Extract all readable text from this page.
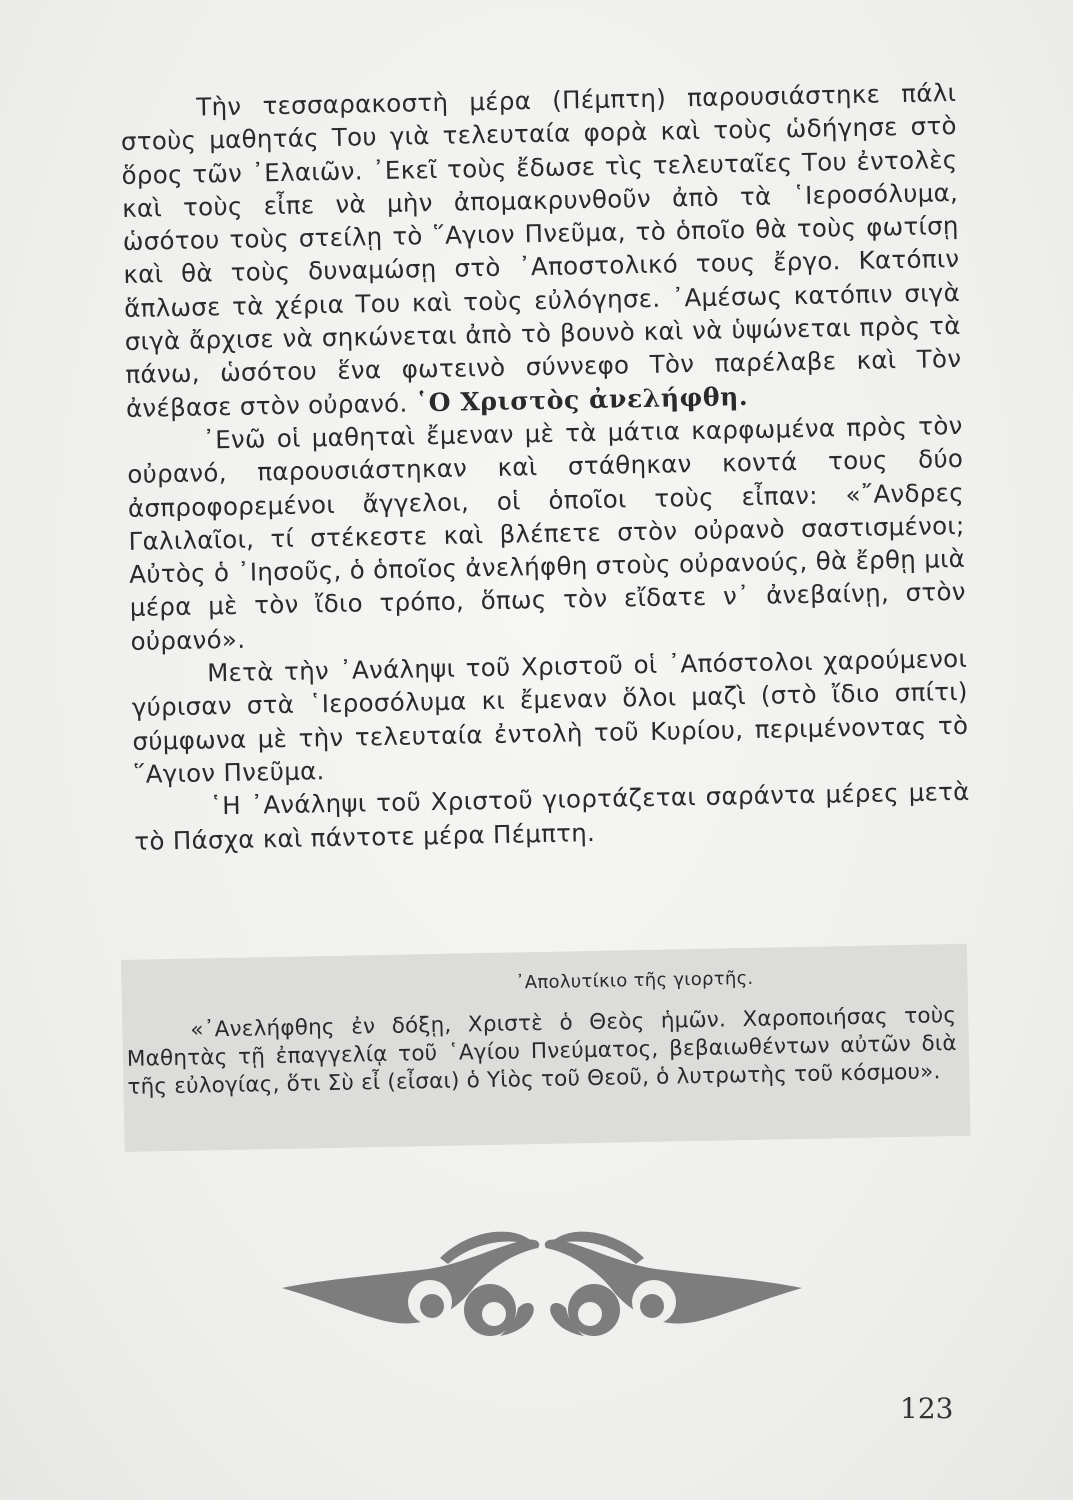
Τὴν τεσσαρακοστὴ μέρα (Πέμπτη) παρουσιάστηκε πάλι στοὺς μαθητάς Του γιὰ τελευταία φορὰ καὶ τοὺς ὡδήγησε στὸ ὅρος τῶν ᾿Ελαιῶν. ᾿Εκεῖ τοὺς ἔδωσε τὶς τελευταῖες Του ἐντολὲς καὶ τοὺς εἶπε νὰ μὴν ἀπομακρυνθοῦν ἀπὸ τὰ ῾Ιεροσόλυμα, ὡσότου τοὺς στείλῃ τὸ ῞Αγιον Πνεῦμα, τὸ ὁποῖο θὰ τοὺς φωτίσῃ καὶ θὰ τοὺς δυναμώσῃ στὸ ᾿Αποστολικό τους ἔργο. Κατόπιν ἅπλωσε τὰ χέρια Του καὶ τοὺς εὐλόγησε. ᾿Αμέσως κατόπιν σιγὰ σιγὰ ἄρχισε νὰ σηκώνεται ἀπὸ τὸ βουνὸ καὶ νὰ ὑψώνεται πρὸς τὰ πάνω, ὡσότου ἕνα φωτεινὸ σύννεφο Τὸν παρέλαβε καὶ Τὸν ἀνέβασε στὸν οὐρανό. ῾Ο Χριστὸς ἀνελήφθη.

᾿Ενῶ οἱ μαθηταὶ ἔμεναν μὲ τὰ μάτια καρφωμένα πρὸς τὸν οὐρανό, παρουσιάστηκαν καὶ στάθηκαν κοντά τους δύο ἀσπροφορεμένοι ἄγγελοι, οἱ ὁποῖοι τοὺς εἶπαν: «῎Ανδρες Γαλιλαῖοι, τί στέκεστε καὶ βλέπετε στὸν οὐρανὸ σαστισμένοι; Αὐτὸς ὁ ᾿Ιησοῦς, ὁ ὁποῖος ἀνελήφθη στοὺς οὐρανούς, θὰ ἔρθῃ μιὰ μέρα μὲ τὸν ἴδιο τρόπο, ὅπως τὸν εἴδατε ν᾿ ἀνεβαίνῃ, στὸν οὐρανό».

Μετὰ τὴν ᾿Ανάληψι τοῦ Χριστοῦ οἱ ᾿Απόστολοι χαρούμενοι γύρισαν στὰ ῾Ιεροσόλυμα κι ἔμεναν ὅλοι μαζὶ (στὸ ἴδιο σπίτι) σύμφωνα μὲ τὴν τελευταία ἐντολὴ τοῦ Κυρίου, περιμένοντας τὸ ῞Αγιον Πνεῦμα.

῾Η ᾿Ανάληψι τοῦ Χριστοῦ γιορτάζεται σαράντα μέρες μετὰ τὸ Πάσχα καὶ πάντοτε μέρα Πέμπτη.

᾿Απολυτίκιο τῆς γιορτῆς.
«᾿Ανελήφθης ἐν δόξῃ, Χριστὲ ὁ Θεὸς ἡμῶν. Χαροποιήσας τοὺς Μαθητὰς τῇ ἐπαγγελίᾳ τοῦ ῾Αγίου Πνεύματος, βεβαιωθέντων αὐτῶν διὰ τῆς εὐλογίας, ὅτι Σὺ εἶ (εἶσαι) ὁ Υἱὸς τοῦ Θεοῦ, ὁ λυτρωτὴς τοῦ κόσμου».
123
